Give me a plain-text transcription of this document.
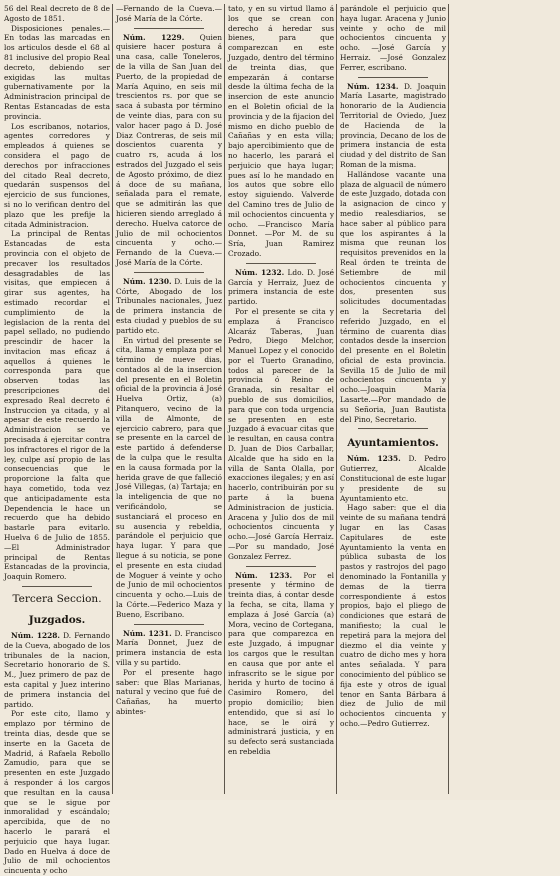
56 del Real decreto de 8 de Agosto de 1851.

Disposiciones penales.—En todas las marcadas en los articulos desde el 68 al 81 inclusive del propio Real decreto, debiendo ser exigidas las multas gubernativamente por la Administracion principal de Rentas Estancadas de esta provincia.

Los escribanos, notarios, agentes corredores y empleados á quienes se considera el pago de derechos por infracciones del citado Real decreto, quedarán suspensos del ejercicio de sus funciones, si no lo verifican dentro del plazo que les prefije la citada Administracion.

La principal de Rentas Estancadas de esta provincia con el objeto de precaver los resultados desagradables de las visitas, que empiecen á girar sus agentes, ha estimado recordar el cumplimiento de la legislacion de la renta del papel sellado, no pudiendo prescindir de hacer la invitacion mas eficaz á aquellos á quienes le corresponda para que observen todas las prescripciones del expresado Real decreto é Instruccion ya citada, y al apesar de este recuerdo la Administracion se ve precisada á ejercitar contra los infractores el rigor de la ley, culpe así propio de las consecuencias que le proporcione la falta que haya cometido, toda vez que anticipadamente esta Dependencia le hace un recuerdo que ha debido bastarle para evitarlo. Huelva 6 de Julio de 1855.—El Administrador principal de Rentas Estancadas de la provincia, Joaquin Romero.

Tercera Seccion.
Juzgados.

Núm. 1228. D. Fernando de la Cueva, abogado de los tribunales de la nacion, Secretario honorario de S. M., Juez primero de paz de esta capital y Juez interino de primera instancia del partido.

Por este cito, llamo y emplazo por término de treinta dias, desde que se inserte en la Gaceta de Madrid, á Rafaela Rebollo Zamudio, para que se presenten en este Juzgado á responder á los cargos que resultan en la causa que se le sigue por inmoralidad y escándalo; apercibida, que de no hacerlo le parará el perjuicio que haya lugar. Dado en Huelva á doce de Julio de mil ochocientos cincuenta y ocho

—Fernando de la Cueva.—José María de la Córte.

Núm. 1229. Quien quisiere hacer postura á una casa, calle Toneleros, de la villa de San Juan del Puerto, de la propiedad de María Aquino, en seis mil trescientos rs. por que se saca á subasta por término de veinte dias, para con su valor hacer pago á D. José Diaz Contreras, de seis mil doscientos cuarenta y cuatro rs, acuda á los estrados del Juzgado el seis de Agosto próximo, de diez á doce de su mañana, señalada para el remate, que se admitirán las que hicieren siendo arreglado á derecho. Huelva catorce de Julio de mil ochocientos cincuenta y ocho.—Fernando de la Cueva.—José María de la Córte.

Núm. 1230. D. Luis de la Córte, Abogado de los Tribunales nacionales, Juez de primera instancia de esta ciudad y pueblos de su partido etc.

En virtud del presente se cita, llama y emplaza por el término de nueve dias, contados al de la insercion del presente en el Boletin oficial de la provincia á José Huelva Ortiz, (a) Pitanquero, vecino de la villa de Almonte, de ejercicio cabrero, para que se presente en la carcel de este partido á defenderse de la culpa que le resulta en la causa formada por la herida grave de que falleció José Villegas, (a) Tartaja; en la inteligencia de que no verificándolo, se sustanciará el proceso en su ausencia y rebeldia, parándole el perjuicio que haya lugar. Y para que llegue á su noticia, se pone el presente en esta ciudad de Moguer á veinte y ocho de Junio de mil ochocientos cincuenta y ocho.—Luis de la Córte.—Federico Maza y Bueno, Escribano.

Núm. 1231. D. Francisco María Donnet, Juez de primera instancia de esta villa y su partido.

Por el presente hago saber: que Blas Marianas, natural y vecino que fué de Cañañas, ha muerto abintes-

tato, y en su virtud llamo á los que se crean con derecho á heredar sus bienes, para que comparezcan en este Juzgado, dentro del término de treinta dias, que empezarán á contarse desde la última fecha de la insercion de este anuncio en el Boletin oficial de la provincia y de la fijacion del mismo en dicho pueblo de Cañañas y en esta villa; bajo apercibimiento que de no hacerlo, les parará el perjuicio que haya lugar; pues así lo he mandado en los autos que sobre ello estoy siguiendo. Valverde del Camino tres de Julio de mil ochocientos cincuenta y ocho. —Francisco María Donnet. —Por M. de su Sría, Juan Ramirez Crozado.

Núm. 1232. Ldo. D. José García y Herraiz, Juez de primera instancia de este partido.

Por el presente se cita y emplaza á Francisco Alcaráz Taberas, Juan Pedro, Diego Melchor, Manuel Lopez y el conocido por el Tuerto Granadino, todos al parecer de la provincia ó Reino de Granada, sin resaltar el pueblo de sus domicilios, para que con toda urgencia se presenten en este Juzgado á evacuar citas que le resultan, en causa contra D. Juan de Dios Carballar, Alcalde que ha sido en la villa de Santa Olalla, por exacciones ilegales; y en así hacerlo, contribuirán por su parte á la buena Administracion de justicia. Aracena y Julio dos de mil ochocientos cincuenta y ocho.—José García Herraiz.—Por su mandado, José Gonzalez Ferrez.

Núm. 1233. Por el presente y término de treinta dias, á contar desde la fecha, se cita, llama y emplaza á José García (a) Mora, vecino de Cortegana, para que comparezca en este Juzgado, á impugnar los cargos que le resultan en causa que por ante el infrascrito se le sigue por herida y hurto de tocino á Casimiro Romero, del propio domicilio; bien entendido, que si así lo hace, se le oirá y administrará justicia, y en su defecto será sustanciada en rebeldia

parándole el perjuicio que haya lugar. Aracena y Junio veinte y ocho de mil ochocientos cincuenta y ocho. —José García y Herraiz. —José Gonzalez Ferrer, escribano.

Núm. 1234. D. Joaquin María Lasarte, magistrado honorario de la Audiencia Territorial de Oviedo, Juez de Hacienda de la provincia, Decano de los de primera instancia de esta ciudad y del distrito de San Roman de la misma.

Hallándose vacante una plaza de alguacil de número de este Juzgado, dotada con la asignacion de cinco y medio realesdiarios, se hace saber al público para que los aspirantes á la misma que reunan los requisitos prevenidos en la Real órden te treinta de Setiembre de mil ochocientos cincuenta y dos, presenten sus solicitudes documentadas en la Secretaria del referido Juzgado, en el término de cuarenta dias contados desde la insercion del presente en el Boletin oficial de esta provincia. Sevilla 15 de Julio de mil ochocientos cincuenta y ocho.—Joaquin María Lasarte.—Por mandado de su Señoria, Juan Bautista del Pino, Secretario.

Ayuntamientos.

Núm. 1235. D. Pedro Gutierrez, Alcalde Constitucional de este lugar y presidente de su Ayuntamiento etc.

Hago saber: que el dia veinte de su mañana tendrá lugar en las Casas Capitulares de este Ayuntamiento la venta en pública subasta de los pastos y rastrojos del pago denominado la Fontanilla y demas de la tierra correspondiente á estos propios, bajo el pliego de condiciones que estará de manifiesto; la cual le repetirá para la mejora del diezmo el dia veinte y cuatro de dicho mes y hora antes señalada. Y para conocimiento del público se fija este y otros de igual tenor en Santa Bárbara á diez de Julio de mil ochocientos cincuenta y ocho.—Pedro Gutierrez.
